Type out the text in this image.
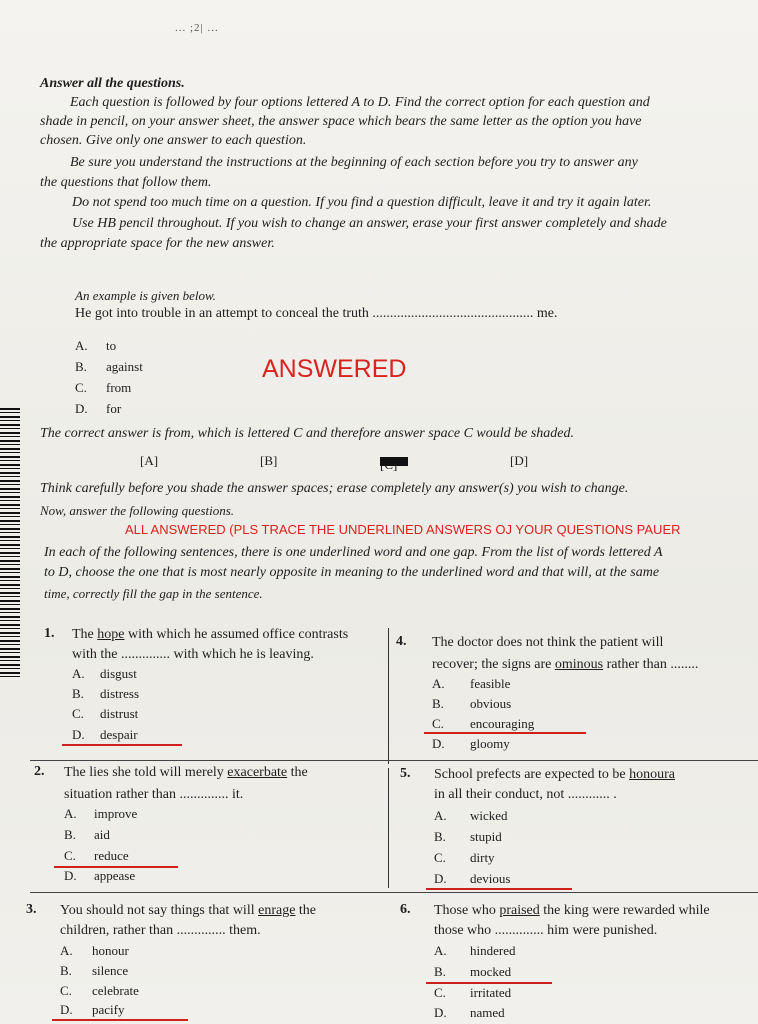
... ;2| ...
Answer all the questions.
Each question is followed by four options lettered A to D. Find the correct option for each question and
shade in pencil, on your answer sheet, the answer space which bears the same letter as the option you have
chosen. Give only one answer to each question.
Be sure you understand the instructions at the beginning of each section before you try to answer any
the questions that follow them.
Do not spend too much time on a question. If you find a question difficult, leave it and try it again later.
Use HB pencil throughout. If you wish to change an answer, erase your first answer completely and shade
the appropriate space for the new answer.
An example is given below.
He got into trouble in an attempt to conceal the truth .............................................. me.
A. to
B. against
C. from
D. for
ANSWERED
The correct answer is from, which is lettered C and therefore answer space C would be shaded.
[A]	[B]	[C]	[D]
Think carefully before you shade the answer spaces; erase completely any answer(s) you wish to change.
Now, answer the following questions.
ALL ANSWERED (PLS TRACE THE UNDERLINED ANSWERS OJ YOUR QUESTIONS PAUER
In each of the following sentences, there is one underlined word and one gap. From the list of words lettered A
to D, choose the one that is most nearly opposite in meaning to the underlined word and that will, at the same
time, correctly fill the gap in the sentence.
1. The hope with which he assumed office contrasts
with the .............. with which he is leaving.
A. disgust
B. distress
C. distrust
D. despair
4. The doctor does not think the patient will
recover; the signs are ominous rather than ........
A. feasible
B. obvious
C. encouraging
D. gloomy
2. The lies she told will merely exacerbate the
situation rather than .............. it.
A. improve
B. aid
C. reduce
D. appease
5. School prefects are expected to be honoura
in all their conduct, not ............ .
A. wicked
B. stupid
C. dirty
D. devious
3. You should not say things that will enrage the
children, rather than .............. them.
A. honour
B. silence
C. celebrate
D. pacify
6. Those who praised the king were rewarded while
those who .............. him were punished.
A. hindered
B. mocked
C. irritated
D. named
